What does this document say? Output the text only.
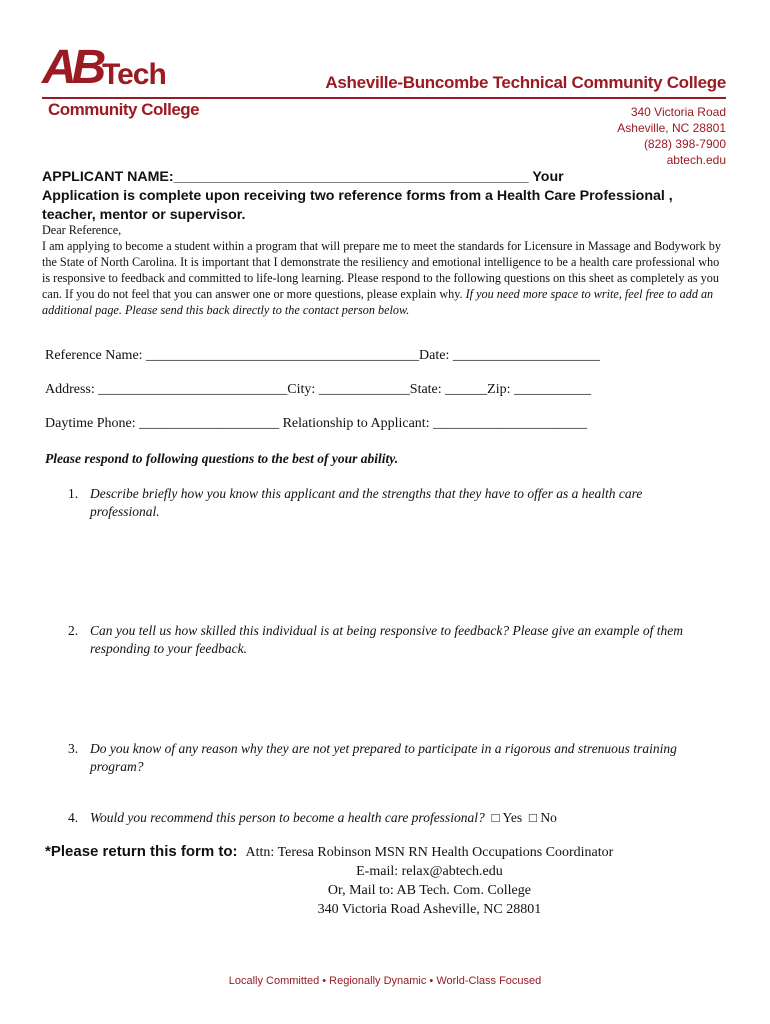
AB Tech
Community College
Asheville-Buncombe Technical Community College
340 Victoria Road
Asheville, NC 28801
(828) 398-7900
abtech.edu
APPLICANT NAME:_____________________________________________ Your
Application is complete upon receiving two reference forms from a Health Care Professional ,
teacher, mentor or supervisor.

Dear Reference,

I am applying to become a student within a program that will prepare me to meet the standards for Licensure in Massage and Bodywork by the State of North Carolina. It is important that I demonstrate the resiliency and emotional intelligence to be a health care professional who is responsive to feedback and committed to life-long learning. Please respond to the following questions on this sheet as completely as you can. If you do not feel that you can answer one or more questions, please explain why. If you need more space to write, feel free to add an additional page. Please send this back directly to the contact person below.

Reference Name: _______________________________________Date: _____________________
Address: ___________________________City: _____________State: ______Zip: ___________
Daytime Phone: ____________________ Relationship to Applicant: ______________________
Please respond to following questions to the best of your ability.
1. Describe briefly how you know this applicant and the strengths that they have to offer as a health care professional.
2. Can you tell us how skilled this individual is at being responsive to feedback? Please give an example of them responding to your feedback.
3. Do you know of any reason why they are not yet prepared to participate in a rigorous and strenuous training program?
4. Would you recommend this person to become a health care professional?  □ Yes  □ No
*Please return this form to: Attn: Teresa Robinson MSN RN Health Occupations Coordinator
E-mail: relax@abtech.edu
Or, Mail to: AB Tech. Com. College
340 Victoria Road Asheville, NC 28801
Locally Committed • Regionally Dynamic • World-Class Focused
